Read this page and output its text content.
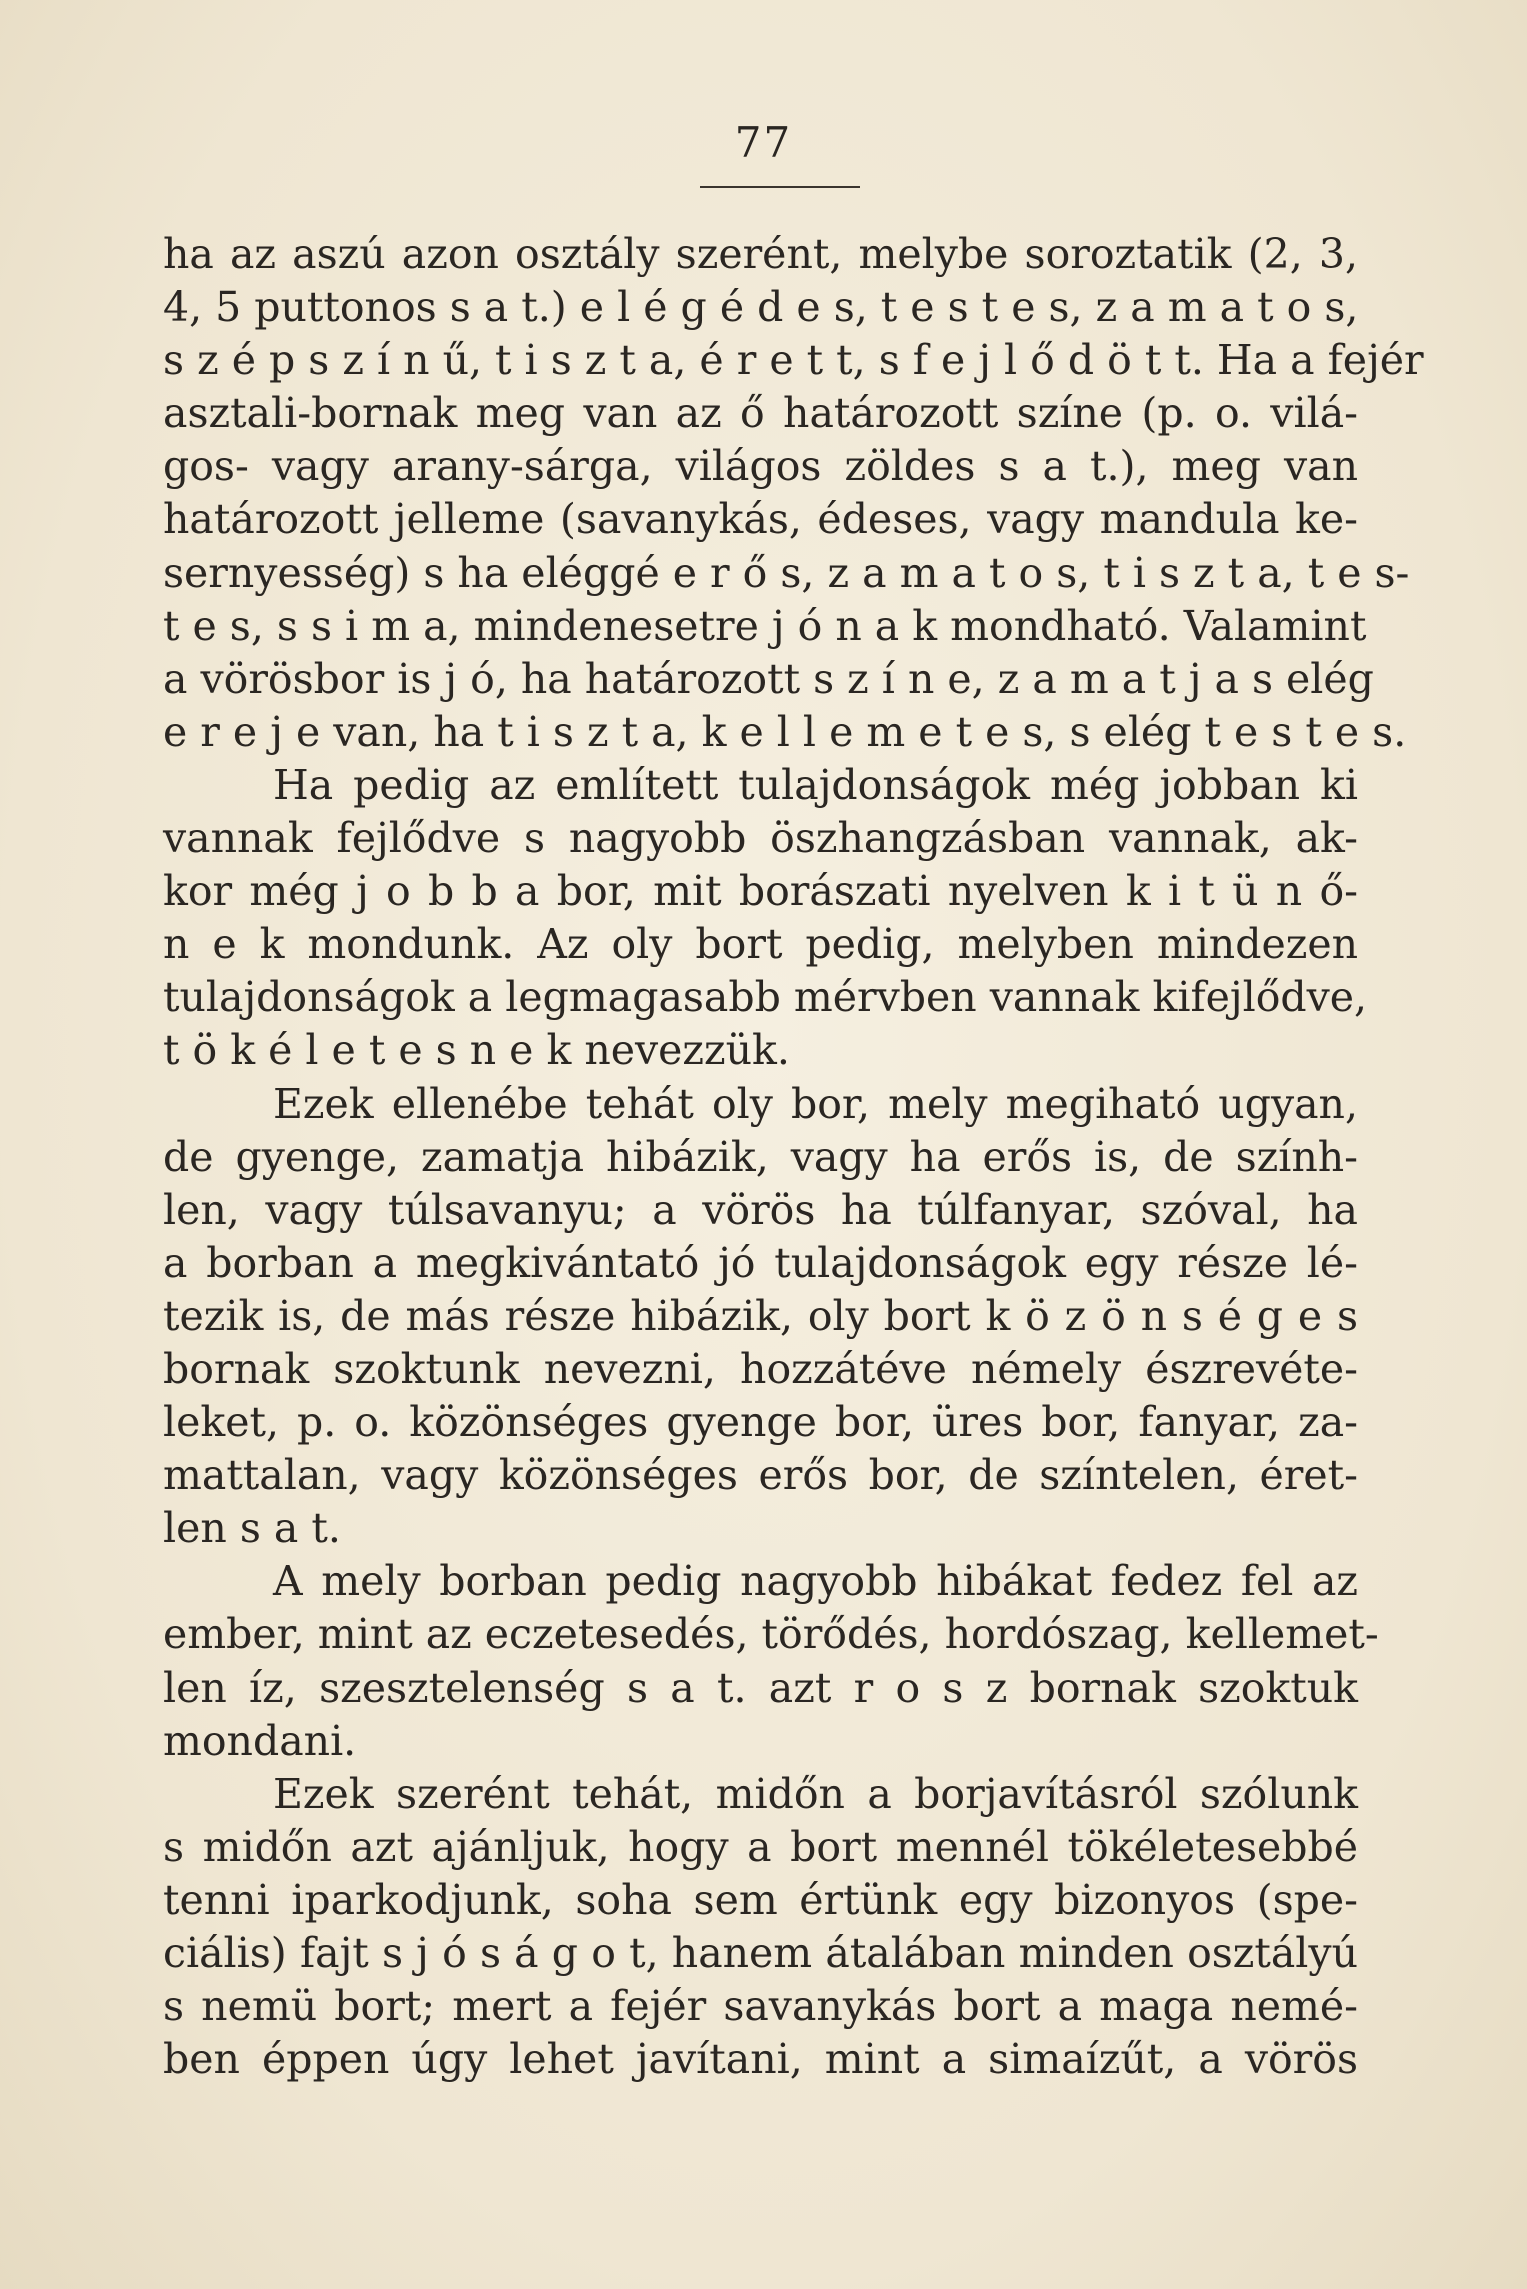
77
ha az aszú azon osztály szerént, melybe soroztatik (2, 3,
4, 5 puttonos s a t.) e l é g é d e s, t e s t e s, z a m a t o s,
s z é p s z í n ű, t i s z t a, é r e t t, s f e j l ő d ö t t. Ha a fejér
asztali-bornak meg van az ő határozott színe (p. o. vilá-
gos- vagy arany-sárga, világos zöldes s a t.), meg van
határozott jelleme (savanykás, édeses, vagy mandula ke-
sernyesség) s ha eléggé e r ő s, z a m a t o s, t i s z t a, t e s-
t e s, s s i m a, mindenesetre j ó n a k mondható. Valamint
a vörösbor is j ó, ha határozott s z í n e, z a m a t j a s elég
e r e j e van, ha t i s z t a, k e l l e m e t e s, s elég t e s t e s.
Ha pedig az említett tulajdonságok még jobban ki
vannak fejlődve s nagyobb öszhangzásban vannak, ak-
kor még j o b b a bor, mit borászati nyelven k i t ü n ő-
n e k mondunk. Az oly bort pedig, melyben mindezen
tulajdonságok a legmagasabb mérvben vannak kifejlődve,
t ö k é l e t e s n e k nevezzük.
Ezek ellenébe tehát oly bor, mely megiható ugyan,
de gyenge, zamatja hibázik, vagy ha erős is, de szính-
len, vagy túlsavanyu; a vörös ha túlfanyar, szóval, ha
a borban a megkivántató jó tulajdonságok egy része lé-
tezik is, de más része hibázik, oly bort k ö z ö n s é g e s
bornak szoktunk nevezni, hozzátéve némely észrevéte-
leket, p. o. közönséges gyenge bor, üres bor, fanyar, za-
mattalan, vagy közönséges erős bor, de színtelen, éret-
len s a t.
A mely borban pedig nagyobb hibákat fedez fel az
ember, mint az eczetesedés, törődés, hordószag, kellemet-
len íz, szesztelenség s a t. azt r o s z bornak szoktuk
mondani.
Ezek szerént tehát, midőn a borjavításról szólunk
s midőn azt ajánljuk, hogy a bort mennél tökéletesebbé
tenni iparkodjunk, soha sem értünk egy bizonyos (spe-
ciális) fajt s j ó s á g o t, hanem átalában minden osztályú
s nemü bort; mert a fejér savanykás bort a maga nemé-
ben éppen úgy lehet javítani, mint a simaízűt, a vörös
